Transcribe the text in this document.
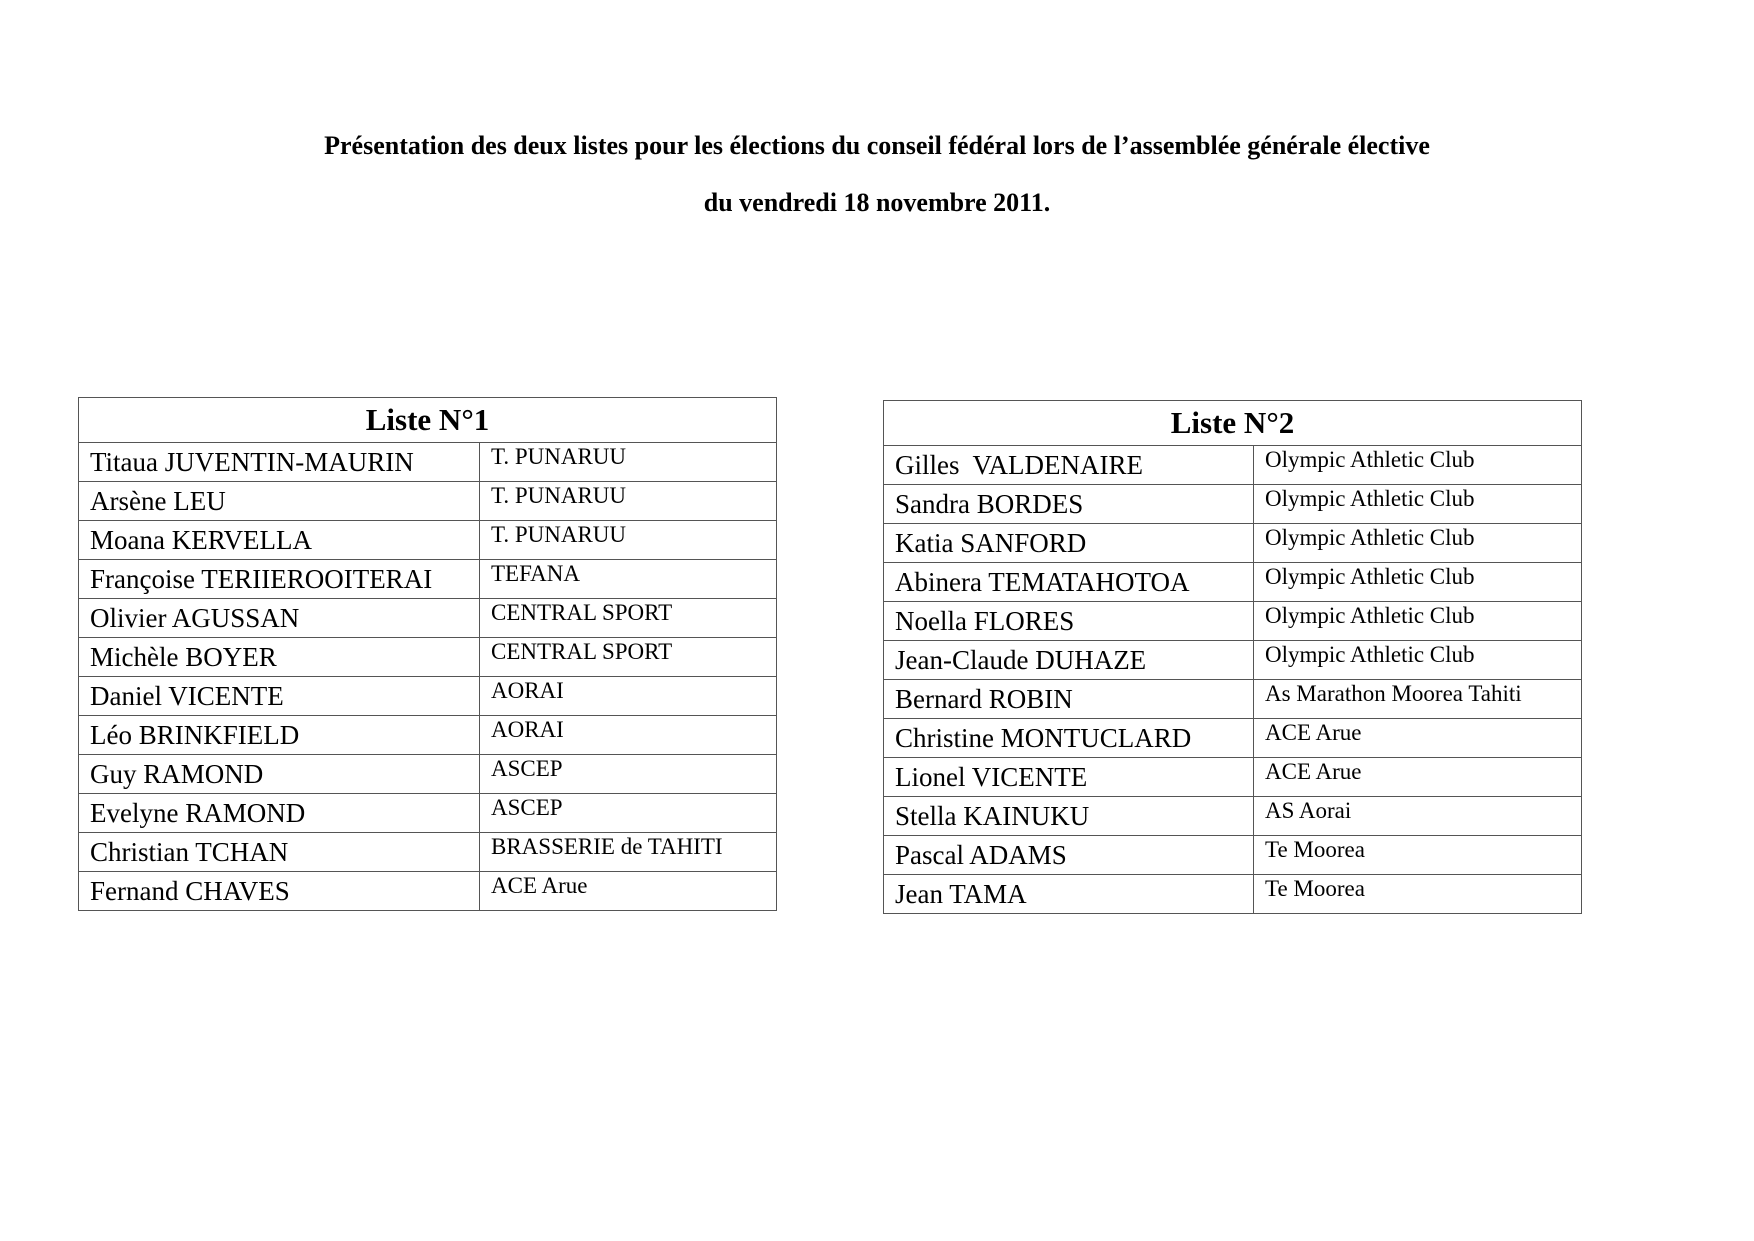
Présentation des deux listes pour les élections du conseil fédéral lors de l’assemblée générale élective
du vendredi 18 novembre 2011.
Liste N°1	
Titaua JUVENTIN-MAURIN	T. PUNARUU
Arsène LEU	T. PUNARUU
Moana KERVELLA	T. PUNARUU
Françoise TERIIEROOITERAI	TEFANA
Olivier AGUSSAN	CENTRAL SPORT
Michèle BOYER	CENTRAL SPORT
Daniel VICENTE	AORAI
Léo BRINKFIELD	AORAI
Guy RAMOND	ASCEP
Evelyne RAMOND	ASCEP
Christian TCHAN	BRASSERIE de TAHITI
Fernand CHAVES	ACE Arue
Liste N°2	
Gilles  VALDENAIRE	Olympic Athletic Club
Sandra BORDES	Olympic Athletic Club
Katia SANFORD	Olympic Athletic Club
Abinera TEMATAHOTOA	Olympic Athletic Club
Noella FLORES	Olympic Athletic Club
Jean-Claude DUHAZE	Olympic Athletic Club
Bernard ROBIN	As Marathon Moorea Tahiti
Christine MONTUCLARD	ACE Arue
Lionel VICENTE	ACE Arue
Stella KAINUKU	AS Aorai
Pascal ADAMS	Te Moorea
Jean TAMA	Te Moorea
